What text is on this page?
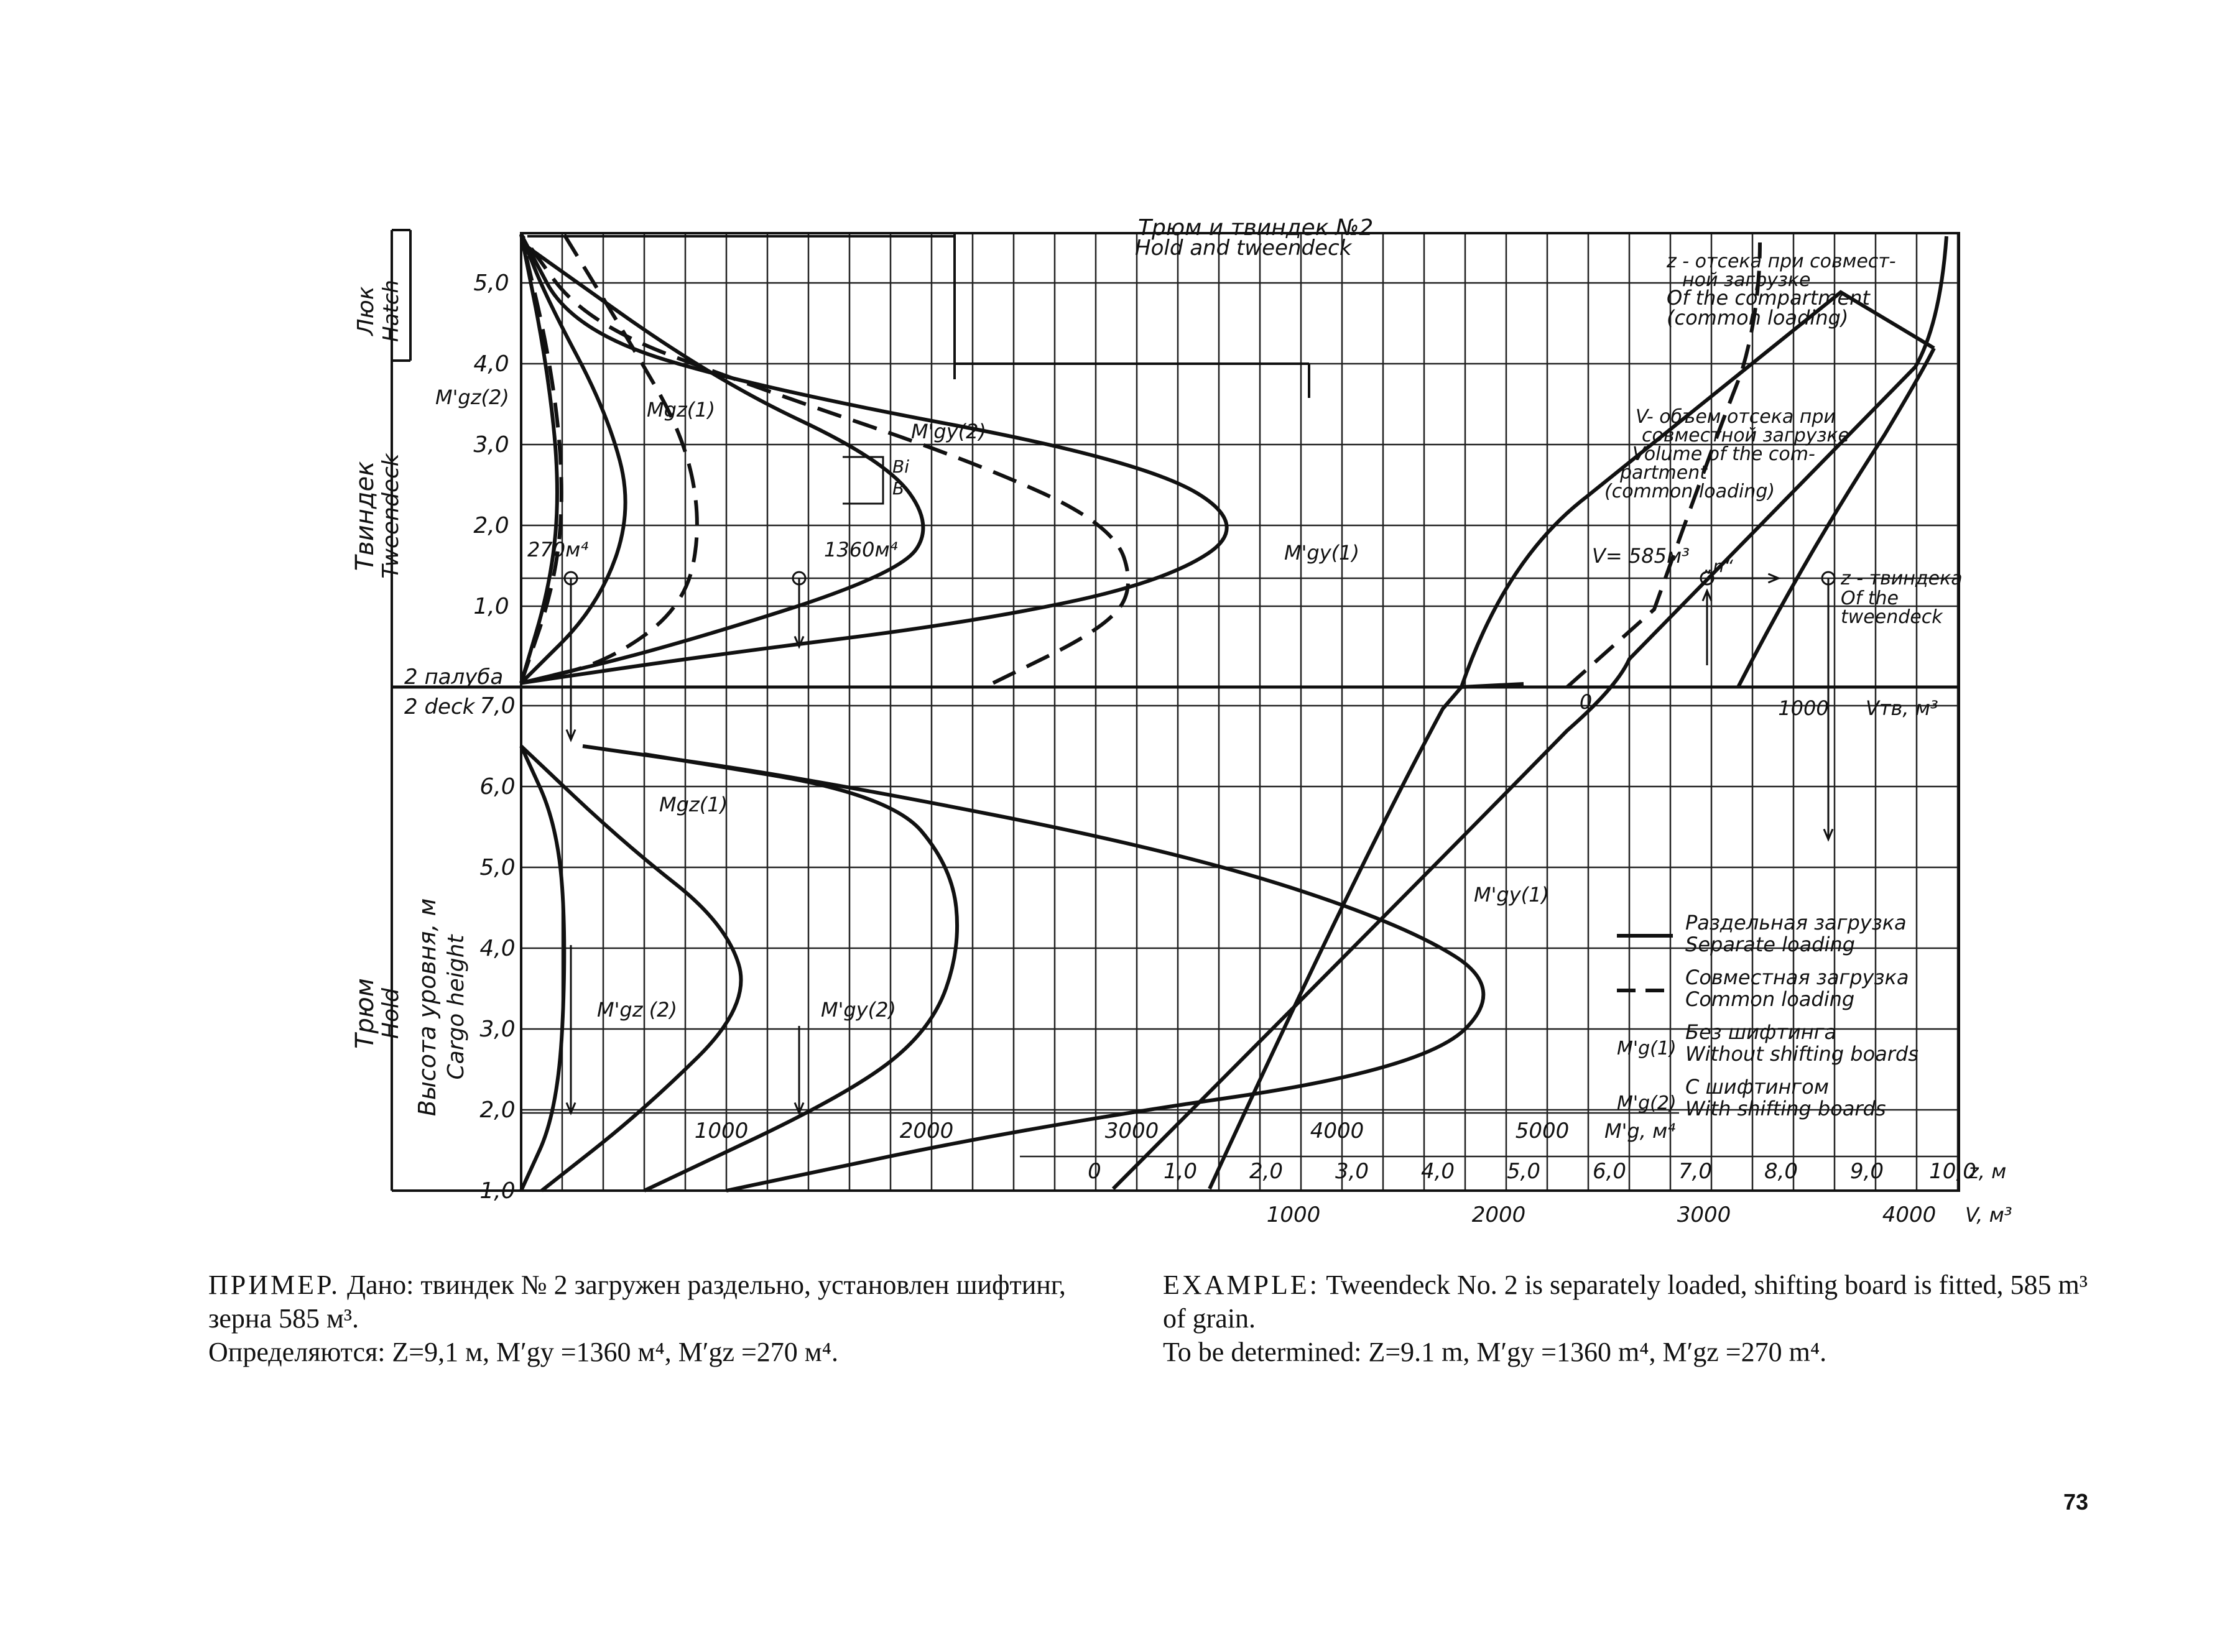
1,0
2,0
3,0
4,0
5,0
1,0
2,0
3,0
4,0
5,0
6,0
7,0
2 палуба
2 deck
Люк Hatch
Твиндек
Tweendeck
Трюм
Hold Высота уровня, м Cargo height
Трюм и твиндек №2
Hold and tweendeck
1000	2000	3000	4000	5000 M'g, м⁴
0	1,0 2,0 3,0 4,0 5,0 6,0 7,0 8,0 9,0 10,0
z, м
1000	2000	3000	4000 V, м³
0	1000 Vтв, м³
270м⁴	1360м⁴
M'gz(2)
Mgz(1)
M'gy(2)
Bi
B
M'gy(1)
z - отсека при совмест-
ной загрузке
Of the compartment
(common loading)
V- объем отсека при
совместной загрузке
Volume of the com-
partment
(common loading)
V= 585м³ „n“
z - твиндека
Of the
tweendeck
Mgz(1)
M'gz (2)	M'gy(2)
M'gy(1)
Раздельная загрузка
Separate loading
Совместная загрузка
Common loading
M'g(1)
Без шифтинга
Without shifting boards
M'g(2)
С шифтингом
With shifting boards
ПРИМЕР. Дано: твиндек № 2 загружен раздельно, установлен шифтинг, зерна 585 м³.
Определяются: Z=9,1 м, M′gy =1360 м⁴, M′gz =270 м⁴.
EXAMPLE: Tweendeck No. 2 is separately loaded, shifting board is fitted, 585 m³ of grain.
To be determined: Z=9.1 m, M′gy =1360 m⁴, M′gz =270 m⁴.
73
